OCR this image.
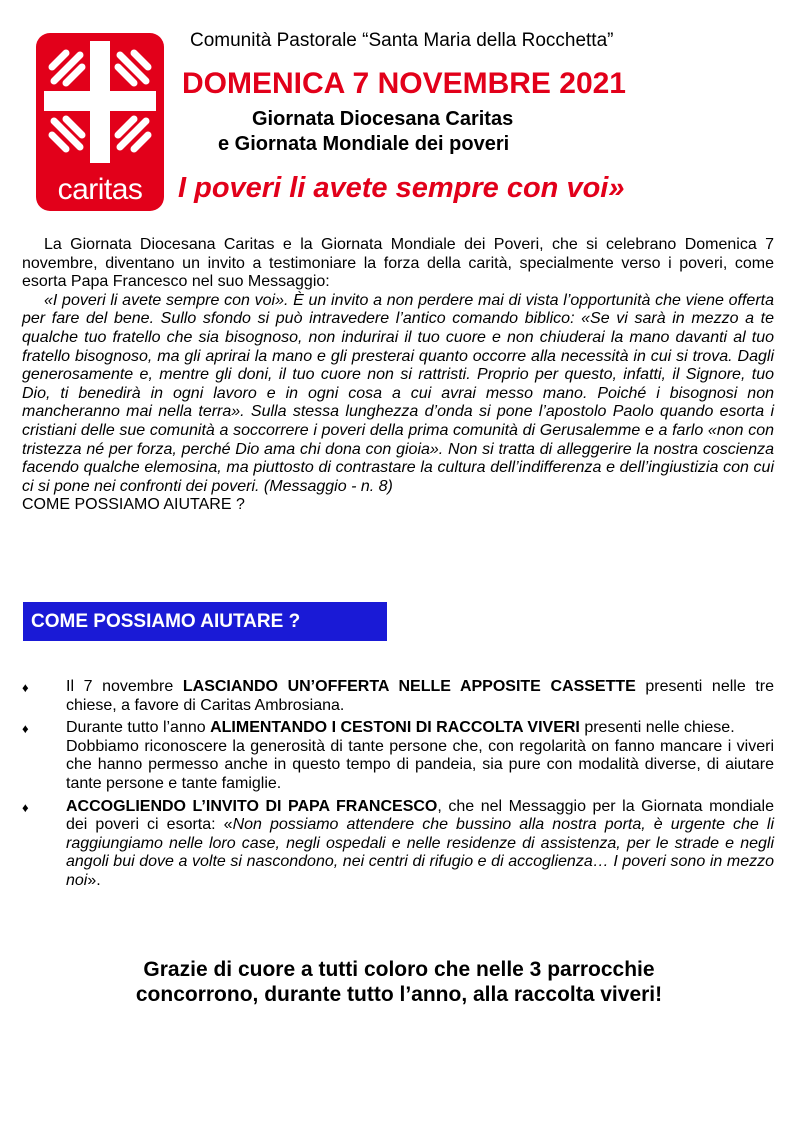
caritas
Comunità Pastorale “Santa Maria della Rocchetta”
DOMENICA 7 NOVEMBRE 2021
Giornata Diocesana Caritas
e Giornata Mondiale dei poveri
I poveri li avete sempre con voi»

La Giornata Diocesana Caritas e la Giornata Mondiale dei Poveri, che si celebrano Domenica 7 novembre, diventano un invito a testimoniare la forza della carità, specialmente verso i poveri, come esorta Papa Francesco nel suo Messaggio:

«I poveri li avete sempre con voi». È un invito a non perdere mai di vista l’opportunità che viene offerta per fare del bene. Sullo sfondo si può intravedere l’antico comando biblico: «Se vi sarà in mezzo a te qualche tuo fratello che sia bisognoso, non indurirai il tuo cuore e non chiuderai la mano davanti al tuo fratello bisognoso, ma gli aprirai la mano e gli presterai quanto occorre alla necessità in cui si trova. Dagli generosamente e, mentre gli doni, il tuo cuore non si rattristi. Proprio per questo, infatti, il Signore, tuo Dio, ti benedirà in ogni lavoro e in ogni cosa a cui avrai messo mano. Poiché i bisognosi non mancheranno mai nella terra». Sulla stessa lunghezza d’onda si pone l’apostolo Paolo quando esorta i cristiani delle sue comunità a soccorrere i poveri della prima comunità di Gerusalemme e a farlo «non con tristezza né per forza, perché Dio ama chi dona con gioia». Non si tratta di alleggerire la nostra coscienza facendo qualche elemosina, ma piuttosto di contrastare la cultura dell’indifferenza e dell’ingiustizia con cui ci si pone nei confronti dei poveri. (Messaggio - n. 8)

COME POSSIAMO AIUTARE ?

COME POSSIAMO AIUTARE ?
♦ Il 7 novembre LASCIANDO UN’OFFERTA NELLE APPOSITE CASSETTE presenti nelle tre chiese, a favore di Caritas Ambrosiana.

♦ Durante tutto l’anno ALIMENTANDO I CESTONI DI RACCOLTA VIVERI presenti nelle chiese.

Dobbiamo riconoscere la generosità di tante persone che, con regolarità on fanno mancare i viveri che hanno permesso anche in questo tempo di pandeia, sia pure con modalità diverse, di aiutare tante persone e tante famiglie.

♦ ACCOGLIENDO L’INVITO DI PAPA FRANCESCO, che nel Messaggio per la Giornata mondiale dei poveri ci esorta: «Non possiamo attendere che bussino alla nostra porta, è urgente che li raggiungiamo nelle loro case, negli ospedali e nelle residenze di assistenza, per le strade e negli angoli bui dove a volte si nascondono, nei centri di rifugio e di accoglienza… I poveri sono in mezzo noi».

Grazie di cuore a tutti coloro che nelle 3 parrocchie
concorrono, durante tutto l’anno, alla raccolta viveri!
